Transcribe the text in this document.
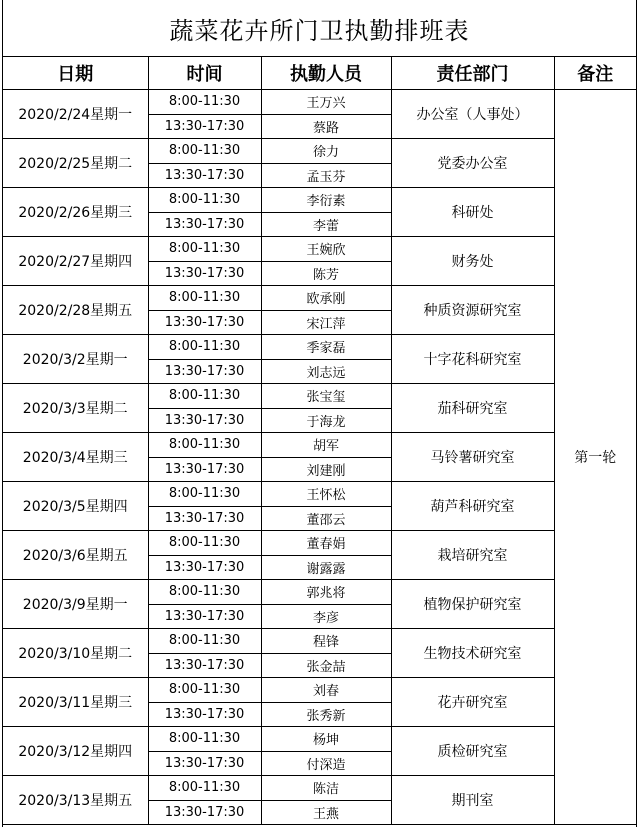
蔬菜花卉所门卫执勤排班表
日期	时间	执勤人员	责任部门	备注
2020/2/24星期一	8:00-11:30	王万兴	办公室（人事处）	第一轮
	13:30-17:30	蔡路		
2020/2/25星期二	8:00-11:30	徐力	党委办公室	
	13:30-17:30	孟玉芬		
2020/2/26星期三	8:00-11:30	李衍素	科研处	
	13:30-17:30	李蕾		
2020/2/27星期四	8:00-11:30	王婉欣	财务处	
	13:30-17:30	陈芳		
2020/2/28星期五	8:00-11:30	欧承刚	种质资源研究室	
	13:30-17:30	宋江萍		
2020/3/2星期一	8:00-11:30	季家磊	十字花科研究室	
	13:30-17:30	刘志远		
2020/3/3星期二	8:00-11:30	张宝玺	茄科研究室	
	13:30-17:30	于海龙		
2020/3/4星期三	8:00-11:30	胡军	马铃薯研究室	
	13:30-17:30	刘建刚		
2020/3/5星期四	8:00-11:30	王怀松	葫芦科研究室	
	13:30-17:30	董邵云		
2020/3/6星期五	8:00-11:30	董春娟	栽培研究室	
	13:30-17:30	谢露露		
2020/3/9星期一	8:00-11:30	郭兆将	植物保护研究室	
	13:30-17:30	李彦		
2020/3/10星期二	8:00-11:30	程锋	生物技术研究室	
	13:30-17:30	张金喆		
2020/3/11星期三	8:00-11:30	刘春	花卉研究室	
	13:30-17:30	张秀新		
2020/3/12星期四	8:00-11:30	杨坤	质检研究室	
	13:30-17:30	付深造		
2020/3/13星期五	8:00-11:30	陈洁	期刊室	
	13:30-17:30	王燕		
